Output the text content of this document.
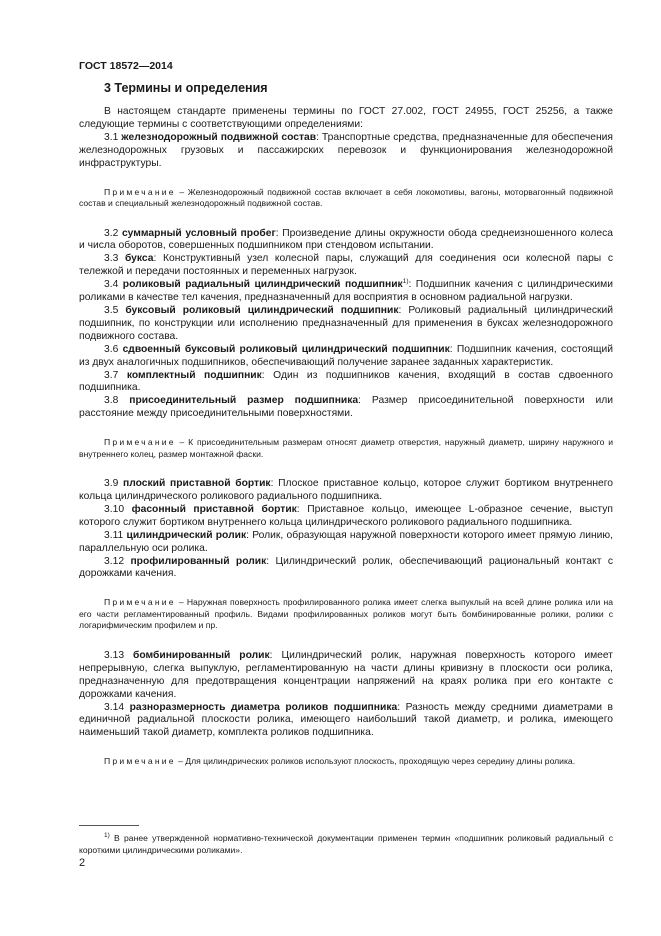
ГОСТ 18572—2014
3 Термины и определения

В настоящем стандарте применены термины по ГОСТ 27.002, ГОСТ 24955, ГОСТ 25256, а также следующие термины с соответствующими определениями:

3.1 железнодорожный подвижной состав: Транспортные средства, предназначенные для обеспечения железнодорожных грузовых и пассажирских перевозок и функционирования железнодорожной инфраструктуры.

Примечание – Железнодорожный подвижной состав включает в себя локомотивы, вагоны, моторвагонный подвижной состав и специальный железнодорожный подвижной состав.

3.2 суммарный условный пробег: Произведение длины окружности обода среднеизношенного колеса и числа оборотов, совершенных подшипником при стендовом испытании.

3.3 букса: Конструктивный узел колесной пары, служащий для соединения оси колесной пары с тележкой и передачи постоянных и переменных нагрузок.

3.4 роликовый радиальный цилиндрический подшипник$^{1)}$: Подшипник качения с цилиндрическими роликами в качестве тел качения, предназначенный для восприятия в основном радиальной нагрузки.

3.5 буксовый роликовый цилиндрический подшипник: Роликовый радиальный цилиндрический подшипник, по конструкции или исполнению предназначенный для применения в буксах железнодорожного подвижного состава.

3.6 сдвоенный буксовый роликовый цилиндрический подшипник: Подшипник качения, состоящий из двух аналогичных подшипников, обеспечивающий получение заранее заданных характеристик.

3.7 комплектный подшипник: Один из подшипников качения, входящий в состав сдвоенного подшипника.

3.8 присоединительный размер подшипника: Размер присоединительной поверхности или расстояние между присоединительными поверхностями.

Примечание – К присоединительным размерам относят диаметр отверстия, наружный диаметр, ширину наружного и внутреннего колец, размер монтажной фаски.

3.9 плоский приставной бортик: Плоское приставное кольцо, которое служит бортиком внутреннего кольца цилиндрического роликового радиального подшипника.

3.10 фасонный приставной бортик: Приставное кольцо, имеющее L-образное сечение, выступ которого служит бортиком внутреннего кольца цилиндрического роликового радиального подшипника.

3.11 цилиндрический ролик: Ролик, образующая наружной поверхности которого имеет прямую линию, параллельную оси ролика.

3.12 профилированный ролик: Цилиндрический ролик, обеспечивающий рациональный контакт с дорожками качения.

Примечание – Наружная поверхность профилированного ролика имеет слегка выпуклый на всей длине ролика или на его части регламентированный профиль. Видами профилированных роликов могут быть бомбинированные ролики, ролики с логарифмическим профилем и пр.

3.13 бомбинированный ролик: Цилиндрический ролик, наружная поверхность которого имеет непрерывную, слегка выпуклую, регламентированную на части длины кривизну в плоскости оси ролика, предназначенную для предотвращения концентрации напряжений на краях ролика при его контакте с дорожками качения.

3.14 разноразмерность диаметра роликов подшипника: Разность между средними диаметрами в единичной радиальной плоскости ролика, имеющего наибольший такой диаметр, и ролика, имеющего наименьший такой диаметр, комплекта роликов подшипника.

Примечание – Для цилиндрических роликов используют плоскость, проходящую через середину длины ролика.

$^{1)}$ В ранее утвержденной нормативно-технической документации применен термин «подшипник роликовый радиальный с короткими цилиндрическими роликами».

2
